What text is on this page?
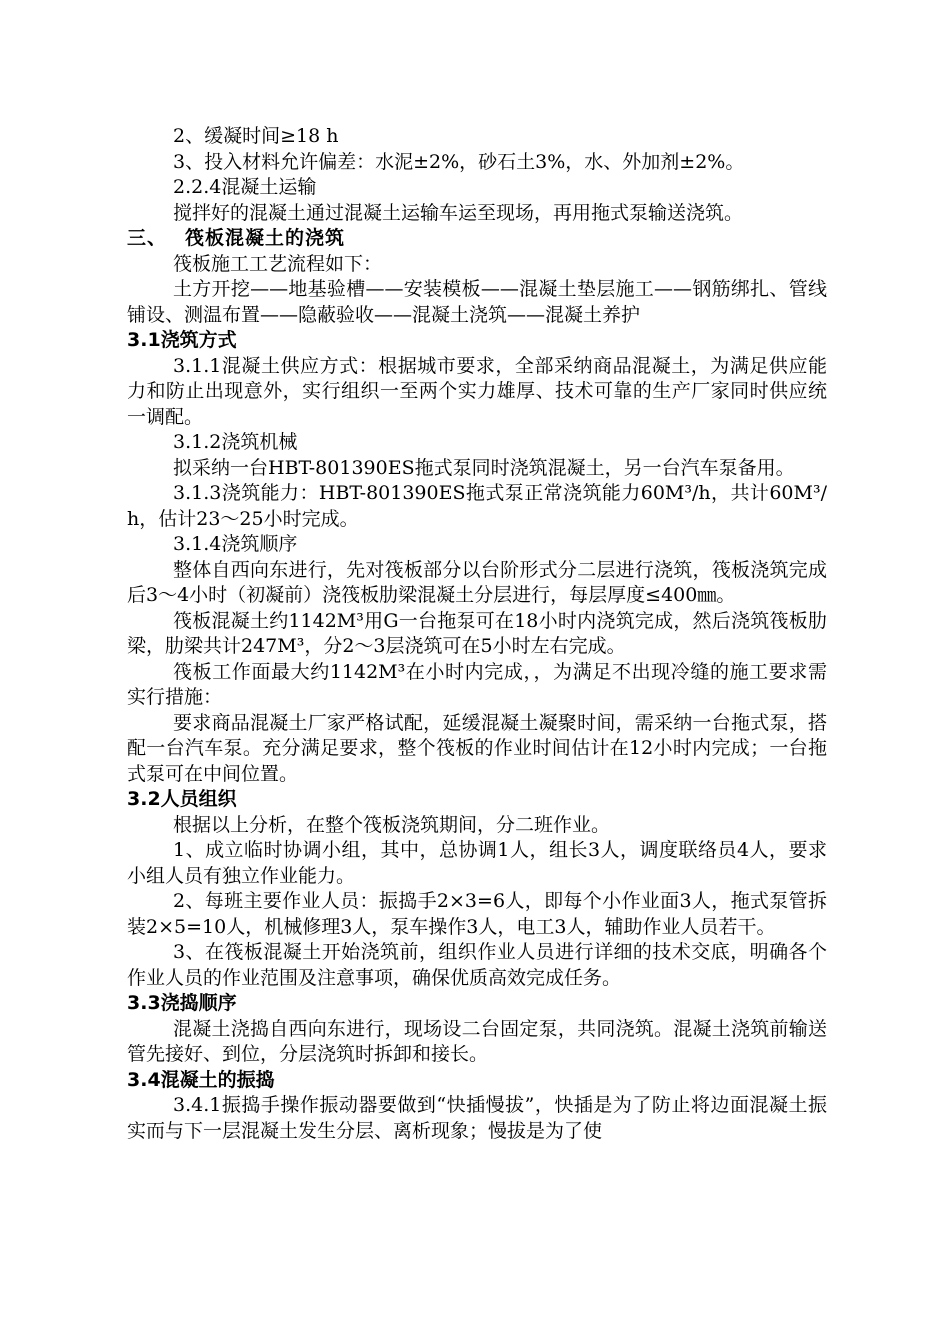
2、缓凝时间≥18 h

3、投入材料允许偏差：水泥±2%，砂石土3%，水、外加剂±2%。

2.2.4混凝土运输

搅拌好的混凝土通过混凝土运输车运至现场，再用拖式泵输送浇筑。

三、 筏板混凝土的浇筑

筏板施工工艺流程如下：

土方开挖——地基验槽——安装模板——混凝土垫层施工——钢筋绑扎、管线铺设、测温布置——隐蔽验收——混凝土浇筑——混凝土养护

3.1浇筑方式

3.1.1混凝土供应方式：根据城市要求，全部采纳商品混凝土，为满足供应能力和防止出现意外，实行组织一至两个实力雄厚、技术可靠的生产厂家同时供应统一调配。

3.1.2浇筑机械

拟采纳一台HBT-801390ES拖式泵同时浇筑混凝土，另一台汽车泵备用。

3.1.3浇筑能力：HBT-801390ES拖式泵正常浇筑能力60M³/h，共计60M³/h，估计23～25小时完成。

3.1.4浇筑顺序

整体自西向东进行，先对筏板部分以台阶形式分二层进行浇筑，筏板浇筑完成后3～4小时（初凝前）浇筏板肋梁混凝土分层进行，每层厚度≤400㎜。

筏板混凝土约1142M³用G一台拖泵可在18小时内浇筑完成，然后浇筑筏板肋梁，肋梁共计247M³，分2～3层浇筑可在5小时左右完成。

筏板工作面最大约1142M³在小时内完成，，为满足不出现冷缝的施工要求需实行措施：

要求商品混凝土厂家严格试配，延缓混凝土凝聚时间，需采纳一台拖式泵，搭配一台汽车泵。充分满足要求，整个筏板的作业时间估计在12小时内完成；一台拖式泵可在中间位置。

3.2人员组织

根据以上分析，在整个筏板浇筑期间，分二班作业。

1、成立临时协调小组，其中，总协调1人，组长3人，调度联络员4人，要求小组人员有独立作业能力。

2、每班主要作业人员：振捣手2×3=6人，即每个小作业面3人，拖式泵管拆装2×5=10人，机械修理3人，泵车操作3人，电工3人，辅助作业人员若干。

3、在筏板混凝土开始浇筑前，组织作业人员进行详细的技术交底，明确各个作业人员的作业范围及注意事项，确保优质高效完成任务。

3.3浇捣顺序

混凝土浇捣自西向东进行，现场设二台固定泵，共同浇筑。混凝土浇筑前输送管先接好、到位，分层浇筑时拆卸和接长。

3.4混凝土的振捣

3.4.1振捣手操作振动器要做到“快插慢拔”，快插是为了防止将边面混凝土振实而与下一层混凝土发生分层、离析现象；慢拔是为了使
